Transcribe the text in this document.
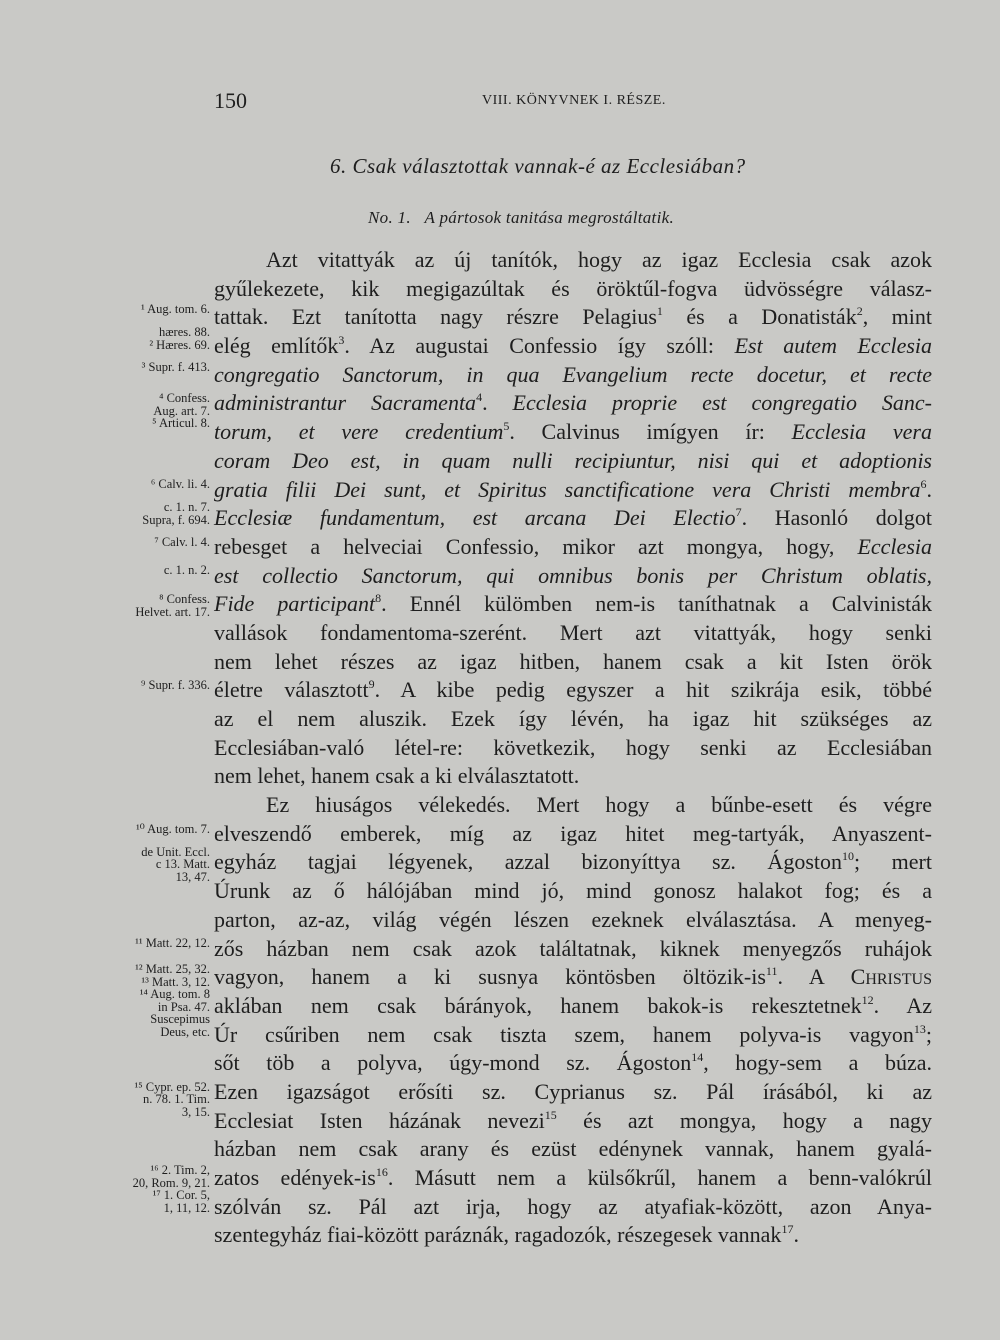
150	VIII. KÖNYVNEK I. RÉSZE.
6. Csak választottak vannak-é az Ecclesiában?
No. 1. A pártosok tanitása megrostáltatik.
¹ Aug. tom. 6.
hæres. 88.
² Hæres. 69.
³ Supr. f. 413.
⁴ Confess.
Aug. art. 7.
⁵ Articul. 8.
⁶ Calv. li. 4.
c. 1. n. 7.
Supra, f. 694.
⁷ Calv. l. 4.
c. 1. n. 2.
⁸ Confess.
Helvet. art. 17.
⁹ Supr. f. 336.
¹⁰ Aug. tom. 7.
de Unit. Eccl.
c 13. Matt.
13, 47.
¹¹ Matt. 22, 12.
¹² Matt. 25, 32.
¹³ Matt. 3, 12.
¹⁴ Aug. tom. 8
in Psa. 47.
Suscepimus
Deus, etc.
¹⁵ Cypr. ep. 52.
n. 78. 1. Tim.
3, 15.
¹⁶ 2. Tim. 2,
20, Rom. 9, 21.
¹⁷ 1. Cor. 5,
1, 11, 12.
Azt vitattyák az új tanítók, hogy az igaz Ecclesia csak azok
gyűlekezete, kik megigazúltak és öröktűl-fogva üdvösségre válasz-
tattak. Ezt tanította nagy részre Pelagius$^1$ és a Donatisták$^2$, mint
elég említők$^3$. Az augustai Confessio így szóll: Est autem Ecclesia
congregatio Sanctorum, in qua Evangelium recte docetur, et recte
administrantur Sacramenta$^4$. Ecclesia proprie est congregatio Sanc-
torum, et vere credentium$^5$. Calvinus imígyen ír: Ecclesia vera
coram Deo est, in quam nulli recipiuntur, nisi qui et adoptionis
gratia filii Dei sunt, et Spiritus sanctificatione vera Christi membra$^6$.
Ecclesiæ fundamentum, est arcana Dei Electio$^7$. Hasonló dolgot
rebesget a helveciai Confessio, mikor azt mongya, hogy, Ecclesia
est collectio Sanctorum, qui omnibus bonis per Christum oblatis,
Fide participant$^8$. Ennél külömben nem-is taníthatnak a Calvinisták
vallások fondamentoma-szerént. Mert azt vitattyák, hogy senki
nem lehet részes az igaz hitben, hanem csak a kit Isten örök
életre választott$^9$. A kibe pedig egyszer a hit szikrája esik, többé
az el nem aluszik. Ezek így lévén, ha igaz hit szükséges az
Ecclesiában-való létel-re: következik, hogy senki az Ecclesiában
nem lehet, hanem csak a ki elválasztatott.
Ez hiuságos vélekedés. Mert hogy a bűnbe-esett és végre
elveszendő emberek, míg az igaz hitet meg-tartyák, Anyaszent-
egyház tagjai légyenek, azzal bizonyíttya sz. Ágoston$^{10}$; mert
Úrunk az ő hálójában mind jó, mind gonosz halakot fog; és a
parton, az-az, világ végén lészen ezeknek elválasztása. A menyeg-
zős házban nem csak azok találtatnak, kiknek menyegzős ruhájok
vagyon, hanem a ki susnya köntösben öltözik-$is^{11}$. A CHRISTUS
aklában nem csak bárányok, hanem bakok-is rekesztetnek$^{12}$. Az
Úr csűriben nem csak tiszta szem, hanem polyva-is vagyon$^{13}$;
sőt töb a polyva, úgy-mond sz. Ágoston$^{14}$, hogy-sem a búza.
Ezen igazságot erősíti sz. Cyprianus sz. Pál írásából, ki az
Ecclesiat Isten házának nevezi$^{15}$ és azt mongya, hogy a nagy
házban nem csak arany és ezüst edénynek vannak, hanem gyalá-
zatos edények-$is^{16}$. Másutt nem a külsőkrűl, hanem a benn-valókrúl
szólván sz. Pál azt irja, hogy az atyafiak-között, azon Anya-
szentegyház fiai-között paráznák, ragadozók, részegesek vannak$^{17}$.
